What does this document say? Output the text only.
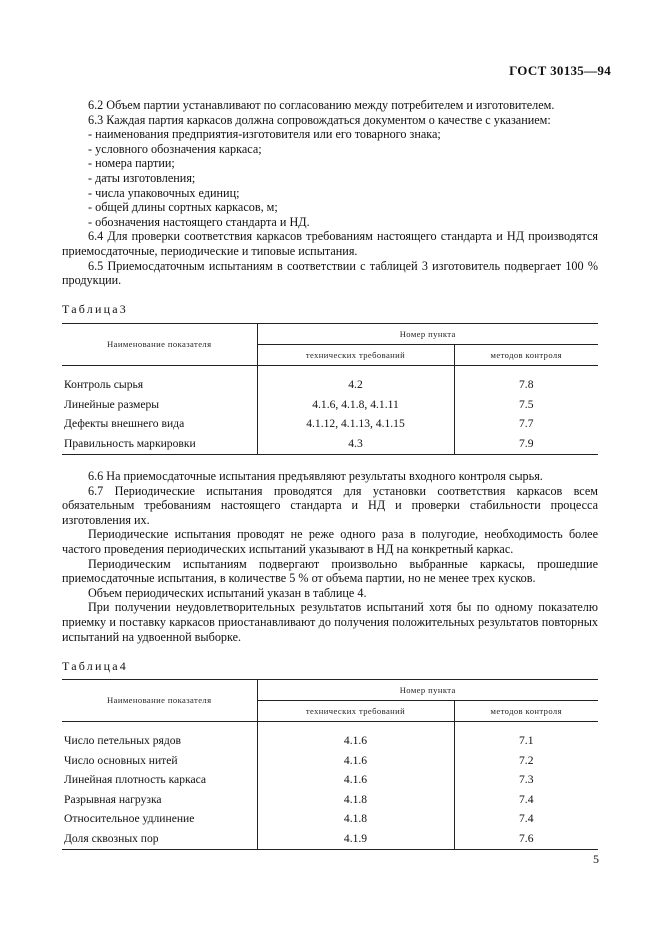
ГОСТ 30135—94

6.2 Объем партии устанавливают по согласованию между потребителем и изготовителем.

6.3 Каждая партия каркасов должна сопровождаться документом о качестве с указанием:

- наименования предприятия-изготовителя или его товарного знака;

- условного обозначения каркаса;

- номера партии;

- даты изготовления;

- числа упаковочных единиц;

- общей длины сортных каркасов, м;

- обозначения настоящего стандарта и НД.

6.4 Для проверки соответствия каркасов требованиям настоящего стандарта и НД производятся приемосдаточные, периодические и типовые испытания.

6.5 Приемосдаточным испытаниям в соответствии с таблицей 3 изготовитель подвергает 100 % продукции.

Таблица3
Наименование показателя	Номер пункта	
	технических требований	методов контроля
Контроль сырья	4.2	7.8
Линейные размеры	4.1.6, 4.1.8, 4.1.11	7.5
Дефекты внешнего вида	4.1.12, 4.1.13, 4.1.15	7.7
Правильность маркировки	4.3	7.9

6.6 На приемосдаточные испытания предъявляют результаты входного контроля сырья.

6.7 Периодические испытания проводятся для установки соответствия каркасов всем обязательным требованиям настоящего стандарта и НД и проверки стабильности процесса изготовления их.

Периодические испытания проводят не реже одного раза в полугодие, необходимость более частого проведения периодических испытаний указывают в НД на конкретный каркас.

Периодическим испытаниям подвергают произвольно выбранные каркасы, прошедшие приемосдаточные испытания, в количестве 5 % от объема партии, но не менее трех кусков.

Объем периодических испытаний указан в таблице 4.

При получении неудовлетворительных результатов испытаний хотя бы по одному показателю приемку и поставку каркасов приостанавливают до получения положительных результатов повторных испытаний на удвоенной выборке.

Таблица4
Наименование показателя	Номер пункта	
	технических требований	методов контроля
Число петельных рядов	4.1.6	7.1
Число основных нитей	4.1.6	7.2
Линейная плотность каркаса	4.1.6	7.3
Разрывная нагрузка	4.1.8	7.4
Относительное удлинение	4.1.8	7.4
Доля сквозных пор	4.1.9	7.6
5
